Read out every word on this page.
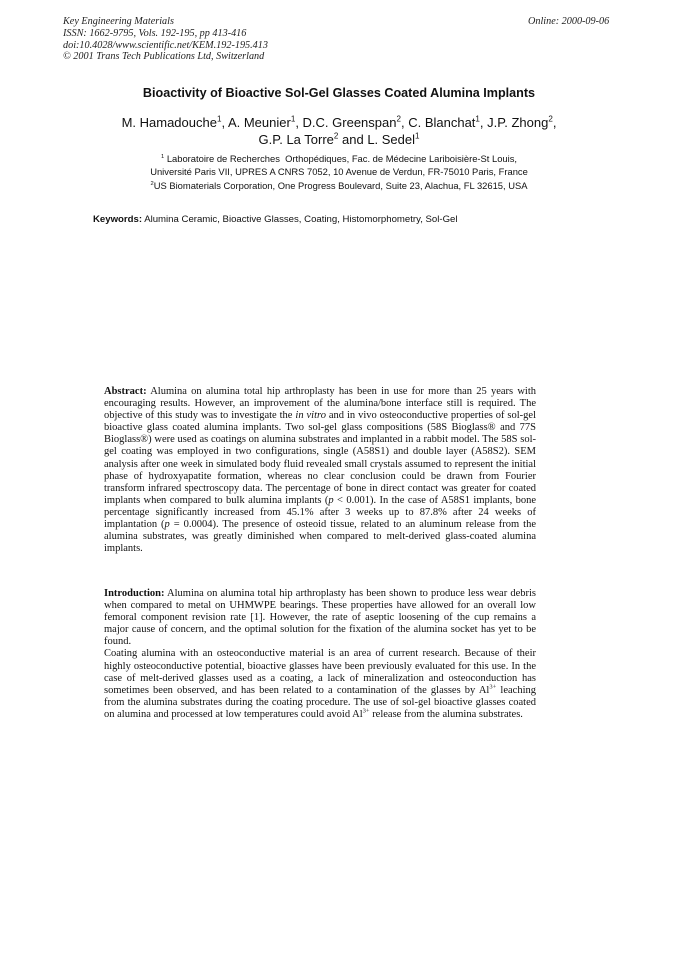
Key Engineering Materials
ISSN: 1662-9795, Vols. 192-195, pp 413-416
doi:10.4028/www.scientific.net/KEM.192-195.413
© 2001 Trans Tech Publications Ltd, Switzerland
Online: 2000-09-06
Bioactivity of Bioactive Sol-Gel Glasses Coated Alumina Implants
M. Hamadouche$^1$, A. Meunier$^1$, D.C. Greenspan$^2$, C. Blanchat$^1$, J.P. Zhong$^2$,
G.P. La Torre$^2$ and L. Sedel$^1$
$^1$ Laboratoire de Recherches  Orthopédiques, Fac. de Médecine Lariboisière-St Louis,
Université Paris VII, UPRES A CNRS 7052, 10 Avenue de Verdun, FR-75010 Paris, France
$^2$US Biomaterials Corporation, One Progress Boulevard, Suite 23, Alachua, FL 32615, USA
Keywords: Alumina Ceramic, Bioactive Glasses, Coating, Histomorphometry, Sol-Gel

Abstract: Alumina on alumina total hip arthroplasty has been in use for more than 25 years with encouraging results. However, an improvement of the alumina/bone interface still is required. The objective of this study was to investigate the in vitro and in vivo osteoconductive properties of sol-gel bioactive glass coated alumina implants. Two sol-gel glass compositions (58S Bioglass® and 77S Bioglass®) were used as coatings on alumina substrates and implanted in a rabbit model. The 58S sol-gel coating was employed in two configurations, single (A58S1) and double layer (A58S2). SEM analysis after one week in simulated body fluid revealed small crystals assumed to represent the initial phase of hydroxyapatite formation, whereas no clear conclusion could be drawn from Fourier transform infrared spectroscopy data. The percentage of bone in direct contact was greater for coated implants when compared to bulk alumina implants (p < 0.001). In the case of A58S1 implants, bone percentage significantly increased from 45.1% after 3 weeks up to 87.8% after 24 weeks of implantation (p = 0.0004). The presence of osteoid tissue, related to an aluminum release from the alumina substrates, was greatly diminished when compared to melt-derived glass-coated alumina implants.

Introduction: Alumina on alumina total hip arthroplasty has been shown to produce less wear debris when compared to metal on UHMWPE bearings. These properties have allowed for an overall low femoral component revision rate [1]. However, the rate of aseptic loosening of the cup remains a major cause of concern, and the optimal solution for the fixation of the alumina socket has yet to be found.

Coating alumina with an osteoconductive material is an area of current research. Because of their highly osteoconductive potential, bioactive glasses have been previously evaluated for this use. In the case of melt-derived glasses used as a coating, a lack of mineralization and osteoconduction has sometimes been observed, and has been related to a contamination of the glasses by $Al^{3+}$ leaching from the alumina substrates during the coating procedure. The use of sol-gel bioactive glasses coated on alumina and processed at low temperatures could avoid $Al^{3+}$ release from the alumina substrates.
